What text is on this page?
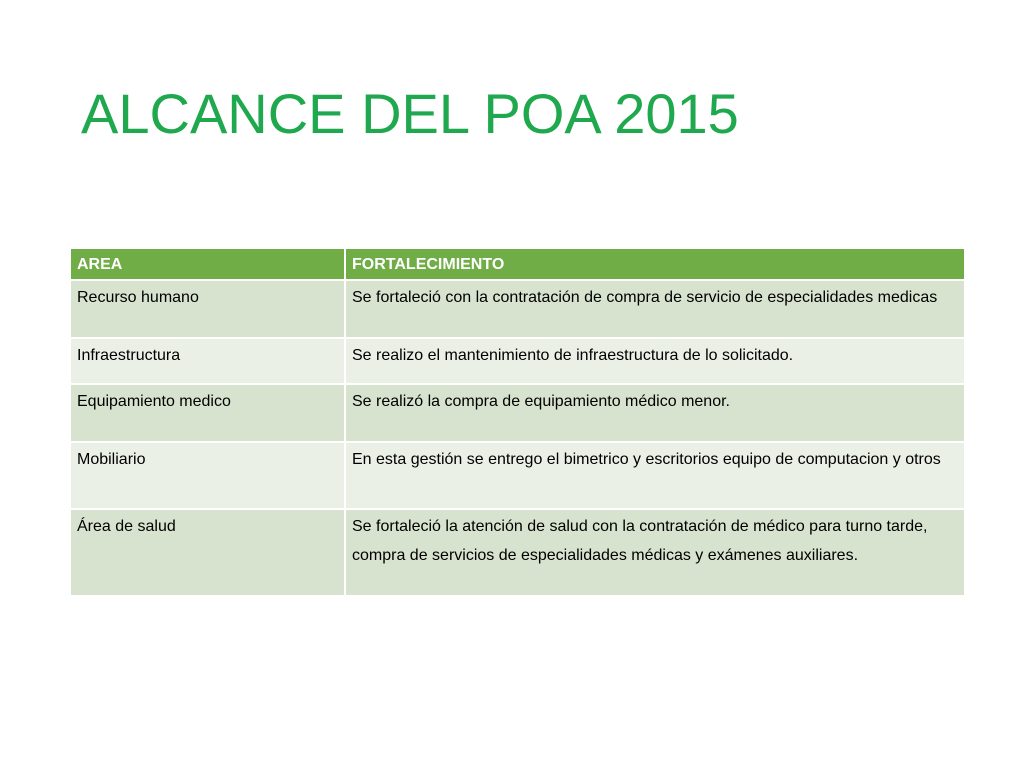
ALCANCE DEL POA 2015
AREA	FORTALECIMIENTO
Recurso humano	Se fortaleció con la contratación de compra de servicio de especialidades medicas
Infraestructura	Se realizo el mantenimiento de infraestructura de lo solicitado.
Equipamiento medico	Se realizó la compra de equipamiento médico menor.
Mobiliario	En esta gestión se entrego el bimetrico y escritorios equipo de computacion y otros
Área de salud	Se fortaleció la atención de salud con la contratación de médico para turno tarde, compra de servicios de especialidades médicas y exámenes auxiliares.
